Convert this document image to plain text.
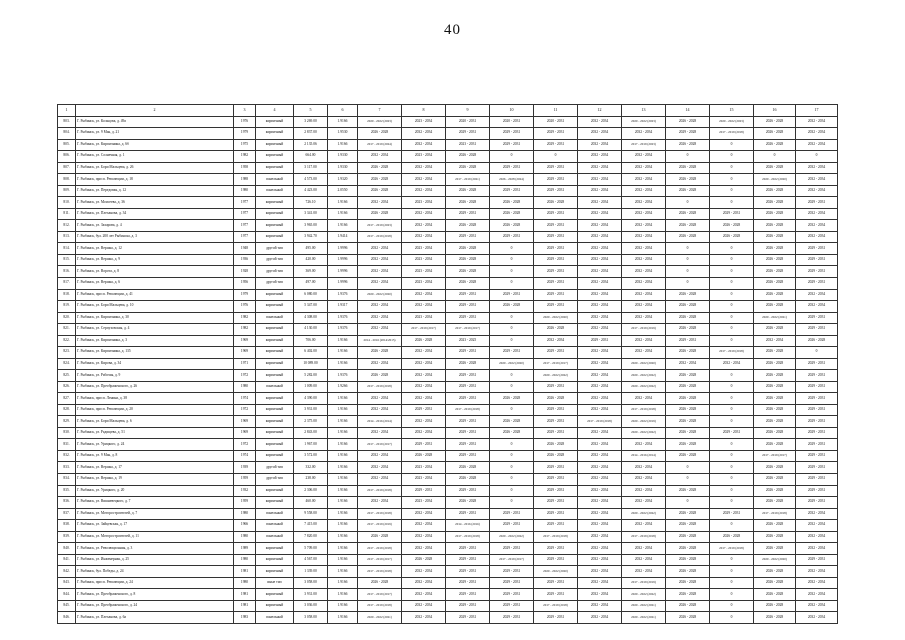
40
1	2	3	4	5	6	7	8	9	10	11	12	13	14	15	16	17
803.	Г. Рыбинск, ул. Кольцова, д. 49а	1976	кирпичный	3 269.00	1.9166	2020 - 2022 (2023)	2023 - 2034	2020 - 2031	2020 - 2031	2020 - 2031	2032 - 2034	2020 - 2022 (2023)	2026 - 2028	2020 - 2022 (2023)	2026 - 2028	2032 - 2034
804.	Г. Рыбинск, ул. 9 Мая, д. 21	1979	кирпичный	2 837.00	1.9530	2026 - 2028	2032 - 2034	2029 - 2031	2029 - 2031	2029 - 2031	2032 - 2034	2032 - 2034	2029 - 2028	2017 - 2019 (2018)	2026 - 2028	2032 - 2034
805.	Г. Рыбинск, ул. Кирпичника, д. 6б	1975	кирпичный	2 135.06	1.9166	2017 - 2019 (2024)	2032 - 2034	2023 - 2031	2029 - 2031	2029 - 2031	2032 - 2034	2017 - 2019 (2023)	2026 - 2028	0	2026 - 2028	2032 - 2034
806.	Г. Рыбинск, ул. Солнечная, д. 1	1982	кирпичный	664.00	1.9330	2032 - 2034	2023 - 2034	2026 - 2028	0	0	2032 - 2034	2032 - 2034	0	0	0	0
807.	Г. Рыбинск, ул. Бори Мальцева, д. 26	1958	кирпичный	3 117.00	1.9330	2026 - 2028	2032 - 2034	2026 - 2028	2029 - 2031	2029 - 2031	2032 - 2034	2032 - 2034	2026 - 2028	0	2026 - 2028	2032 - 2034
808.	Г. Рыбинск, просп. Революции, д. 18	1988	панельный	4 573.00	1.9320	2026 - 2028	2032 - 2034	2017 - 2019 (2021)	2026 - 2028 (2024)	2029 - 2031	2032 - 2034	2032 - 2034	2026 - 2028	0	2020 - 2022 (2020)	2032 - 2034
809.	Г. Рыбинск, ул. Передовая, д. 12	1980	панельный	4 423.00	2.0550	2026 - 2028	2032 - 2034	2026 - 2028	2029 - 2031	2029 - 2031	2032 - 2034	2032 - 2034	2026 - 2028	0	2026 - 2028	2032 - 2034
810.	Г. Рыбинск, ул. Моисеева, д. 36	1977	кирпичный	726.10	1.9166	2032 - 2034	2023 - 2034	2026 - 2028	2026 - 2028	2026 - 2028	2032 - 2034	2032 - 2034	0	0	2026 - 2028	2029 - 2031
811.	Г. Рыбинск, ул. Плеханова, д. 34	1977	кирпичный	3 341.00	1.9166	2026 - 2028	2032 - 2034	2029 - 2031	2026 - 2028	2029 - 2031	2032 - 2034	2032 - 2034	2026 - 2028	2029 - 2031	2026 - 2028	2032 - 2034
812.	Г. Рыбинск, ул. Захарова, д. 4	1977	кирпичный	3 965.00	1.9166	2017 - 2019 (2023)	2032 - 2034	2026 - 2028	2026 - 2028	2029 - 2031	2032 - 2034	2032 - 2034	2026 - 2028	2026 - 2028	2026 - 2028	2032 - 2034
813.	Г. Рыбинск, бул. 200 лет Рыбинска, д. 3	1977	кирпичный	3 942.70	1.9414	2017 - 2019 (2018)	2032 - 2034	2029 - 2031	2029 - 2031	2029 - 2031	2032 - 2034	2032 - 2034	2026 - 2028	2026 - 2028	2026 - 2028	2032 - 2034
814.	Г. Рыбинск, ул. Вершка, д. 12	1948	другой тип	495.00	1.9996	2032 - 2034	2023 - 2034	2026 - 2028	0	2029 - 2031	2032 - 2034	2032 - 2034	0	0	2026 - 2028	2029 - 2031
815.	Г. Рыбинск, ул. Вершка, д. 9	1936	другой тип	420.00	1.9996	2032 - 2034	2023 - 2034	2026 - 2028	0	2029 - 2031	2032 - 2034	2032 - 2034	0	0	2026 - 2028	2029 - 2031
816.	Г. Рыбинск, ул. Ворота, д. 8	1928	другой тип	369.00	1.9996	2032 - 2034	2023 - 2034	2026 - 2028	0	2029 - 2031	2032 - 2034	2032 - 2034	0	0	2026 - 2028	2029 - 2031
817.	Г. Рыбинск, ул. Вершка, д. 6	1956	другой тип	497.00	1.9996	2032 - 2034	2023 - 2034	2026 - 2028	0	2029 - 2031	2032 - 2034	2032 - 2034	0	0	2026 - 2028	2029 - 2031
818.	Г. Рыбинск, просп. Революции, д. 41	1979	кирпичный	6 080.00	1.9376	2020 - 2022 (2020)	2032 - 2034	2029 - 2031	2029 - 2031	2029 - 2031	2032 - 2034	2032 - 2034	2026 - 2028	0	2026 - 2028	2032 - 2034
819.	Г. Рыбинск, ул. Бори Мальцева, д. 10	1976	кирпичный	5 347.00	1.9317	2032 - 2034	2032 - 2034	2029 - 2031	2026 - 2028	2029 - 2031	2032 - 2034	2032 - 2034	2026 - 2028	0	2026 - 2028	2032 - 2034
820.	Г. Рыбинск, ул. Кирпичника, д. 30	1982	панельный	4 308.00	1.9376	2032 - 2034	2023 - 2034	2029 - 2031	0	2020 - 2022 (2020)	2032 - 2034	2032 - 2034	2026 - 2028	0	2020 - 2022 (2021)	2029 - 2031
821.	Г. Рыбинск, ул. Серпуховская, д. 4	1982	кирпичный	4 130.00	1.9376	2032 - 2034	2017 - 2019 (2017)	2017 - 2019 (2017)	0	2026 - 2028	2032 - 2034	2017 - 2019 (2019)	2026 - 2028	0	2026 - 2028	2029 - 2031
822.	Г. Рыбинск, ул. Кирпичника, д. 3	1969	кирпичный	706.00	1.9166	2014 - 2016 (2014/2015)	2026 - 2028	2023 - 2025	0	2032 - 2034	2029 - 2031	2032 - 2034	2029 - 2031	0	2032 - 2034	2026 - 2028
823.	Г. Рыбинск, ул. Кирпичника, д. 135	1969	кирпичный	6 402.00	1.9166	2026 - 2028	2032 - 2034	2029 - 2031	2029 - 2031	2029 - 2031	2032 - 2034	2032 - 2034	2026 - 2028	2017 - 2019 (2018)	2026 - 2028	0
824.	Г. Рыбинск, ул. Кирова, д. 34	1971	кирпичный	10 089.00	1.9166	2032 - 2034	2032 - 2034	2026 - 2028	2020 - 2022 (2020)	2017 - 2019 (2017)	2032 - 2034	2020 - 2022 (2020)	2032 - 2034	2032 - 2034	2026 - 2028	2029 - 2031
825.	Г. Рыбинск, ул. Рабочая, д. 9	1972	кирпичный	5 282.00	1.9376	2026 - 2028	2032 - 2034	2029 - 2031	0	2020 - 2022 (2022)	2032 - 2034	2020 - 2022 (2022)	2026 - 2028	0	2026 - 2028	2029 - 2031
826.	Г. Рыбинск, ул. Преображенского, д. 26	1980	панельный	1 009.00	1.9266	2017 - 2019 (2018)	2032 - 2034	2029 - 2031	0	2029 - 2031	2032 - 2034	2020 - 2022 (2022)	2026 - 2028	0	2026 - 2028	2029 - 2031
827.	Г. Рыбинск, просп. Ленина, д. 38	1974	кирпичный	4 390.00	1.9166	2032 - 2034	2032 - 2034	2029 - 2031	2026 - 2028	2026 - 2028	2032 - 2034	2032 - 2034	2026 - 2028	0	2026 - 2028	2029 - 2031
828.	Г. Рыбинск, просп. Революции, д. 20	1972	кирпичный	3 931.00	1.9166	2032 - 2034	2029 - 2031	2017 - 2019 (2018)	0	2029 - 2031	2032 - 2034	2017 - 2019 (2018)	2026 - 2028	0	2026 - 2028	2029 - 2031
829.	Г. Рыбинск, ул. Бори Мальцева, д. 6	1969	кирпичный	2 375.00	1.9166	2014 - 2016 (2014)	2032 - 2034	2029 - 2031	2026 - 2028	2029 - 2031	2017 - 2019 (2018)	2020 - 2022 (2019)	2026 - 2028	0	2026 - 2028	2029 - 2031
830.	Г. Рыбинск, ул. Радищева, д. 51	1969	кирпичный	2 843.00	1.9166	2032 - 2034	2032 - 2034	2029 - 2031	2026 - 2028	2029 - 2031	2032 - 2034	2020 - 2022 (2022)	2026 - 2028	2029 - 2031	2026 - 2028	2029 - 2031
831.	Г. Рыбинск, ул. Урицкого, д. 24	1972	кирпичный	1 967.00	1.9166	2017 - 2019 (2017)	2029 - 2031	2029 - 2031	0	2026 - 2028	2032 - 2034	2032 - 2034	2026 - 2028	0	2026 - 2028	2029 - 2031
832.	Г. Рыбинск, ул. 9 Мая, д. 8	1974	кирпичный	3 572.00	1.9166	2032 - 2034	2026 - 2028	2029 - 2031	0	2026 - 2028	2032 - 2034	2014 - 2016 (2014)	2026 - 2028	0	2017 - 2019 (2017)	2029 - 2031
833.	Г. Рыбинск, ул. Вершка, д. 17	1939	другой тип	332.00	1.9166	2032 - 2034	2023 - 2034	2026 - 2028	0	2029 - 2031	2032 - 2034	2032 - 2034	0	0	2026 - 2028	2029 - 2031
834.	Г. Рыбинск, ул. Вершка, д. 19	1959	другой тип	238.00	1.9166	2032 - 2034	2023 - 2034	2026 - 2028	0	2029 - 2031	2032 - 2034	2032 - 2034	0	0	2026 - 2028	2029 - 2031
835.	Г. Рыбинск, ул. Урицкого, д. 20	1932	кирпичный	2 306.00	1.9166	2017 - 2019 (2018)	2029 - 2031	2029 - 2031	0	2029 - 2031	2032 - 2034	2032 - 2034	2026 - 2028	0	2026 - 2028	2029 - 2031
836.	Г. Рыбинск, ул. Вишневецкого, д. 7	1959	кирпичный	460.00	1.9166	2032 - 2034	2023 - 2034	2026 - 2028	0	2029 - 2031	2032 - 2034	2032 - 2034	0	0	2026 - 2028	2029 - 2031
837.	Г. Рыбинск, ул. Моторостроителей, д. 7	1980	панельный	9 558.00	1.9166	2017 - 2019 (2018)	2032 - 2034	2029 - 2031	2029 - 2031	2029 - 2031	2032 - 2034	2020 - 2022 (2022)	2026 - 2028	2029 - 2031	2017 - 2019 (2018)	2032 - 2034
838.	Г. Рыбинск, ул. Зайцевская, д. 17	1966	панельный	7 415.00	1.9166	2017 - 2019 (2019)	2032 - 2034	2014 - 2016 (2016)	2029 - 2031	2029 - 2031	2032 - 2034	2032 - 2034	2026 - 2028	0	2026 - 2028	2032 - 2034
839.	Г. Рыбинск, ул. Моторостроителей, д. 11	1980	панельный	7 820.00	1.9166	2026 - 2028	2032 - 2034	2017 - 2019 (2018)	2020 - 2022 (2022)	2017 - 2019 (2018)	2032 - 2034	2017 - 2019 (2018)	2026 - 2028	2026 - 2028	2026 - 2028	2032 - 2034
840.	Г. Рыбинск, ул. Революционная, д. 3	1989	кирпичный	5 709.00	1.9166	2017 - 2019 (2018)	2032 - 2034	2029 - 2031	2029 - 2031	2029 - 2031	2032 - 2034	2032 - 2034	2026 - 2028	2017 - 2019 (2018)	2026 - 2028	2032 - 2034
841.	Г. Рыбинск, ул. Инженерная, д. 25	1980	кирпичный	4 567.00	1.9166	2017 - 2019 (2017)	2026 - 2028	2029 - 2031	2017 - 2019 (2017)	2029 - 2031	2032 - 2034	2032 - 2034	2026 - 2028	0	2020 - 2022 (2020)	2029 - 2031
842.	Г. Рыбинск, бул. Победы, д. 24	1981	кирпичный	1 339.00	1.9166	2017 - 2019 (2018)	2032 - 2034	2029 - 2031	2029 - 2031	2020 - 2022 (2020)	2032 - 2034	2032 - 2034	2026 - 2028	0	2026 - 2028	2032 - 2034
843.	Г. Рыбинск, просп. Революции, д. 24	1980	иные тип	3 058.00	1.9166	2026 - 2028	2032 - 2034	2029 - 2031	2029 - 2031	2029 - 2031	2032 - 2034	2017 - 2019 (2019)	2026 - 2028	0	2026 - 2028	2032 - 2034
844.	Г. Рыбинск, ул. Преображенского, д. 8	1981	кирпичный	3 931.00	1.9166	2017 - 2019 (2017)	2032 - 2034	2029 - 2031	2029 - 2031	2029 - 2031	2032 - 2034	2020 - 2022 (2022)	2026 - 2028	0	2026 - 2028	2032 - 2034
845.	Г. Рыбинск, ул. Преображенского, д. 24	1981	кирпичный	3 036.00	1.9166	2017 - 2019 (2018)	2032 - 2034	2029 - 2031	2029 - 2031	2017 - 2019 (2018)	2032 - 2034	2020 - 2022 (2021)	2026 - 2028	0	2026 - 2028	2032 - 2034
846.	Г. Рыбинск, ул. Плеханова, д. 6а	1983	панельный	3 058.00	1.9166	2020 - 2022 (2021)	2032 - 2034	2029 - 2031	2029 - 2031	2029 - 2031	2032 - 2034	2020 - 2022 (2021)	2026 - 2028	0	2026 - 2028	2032 - 2034
